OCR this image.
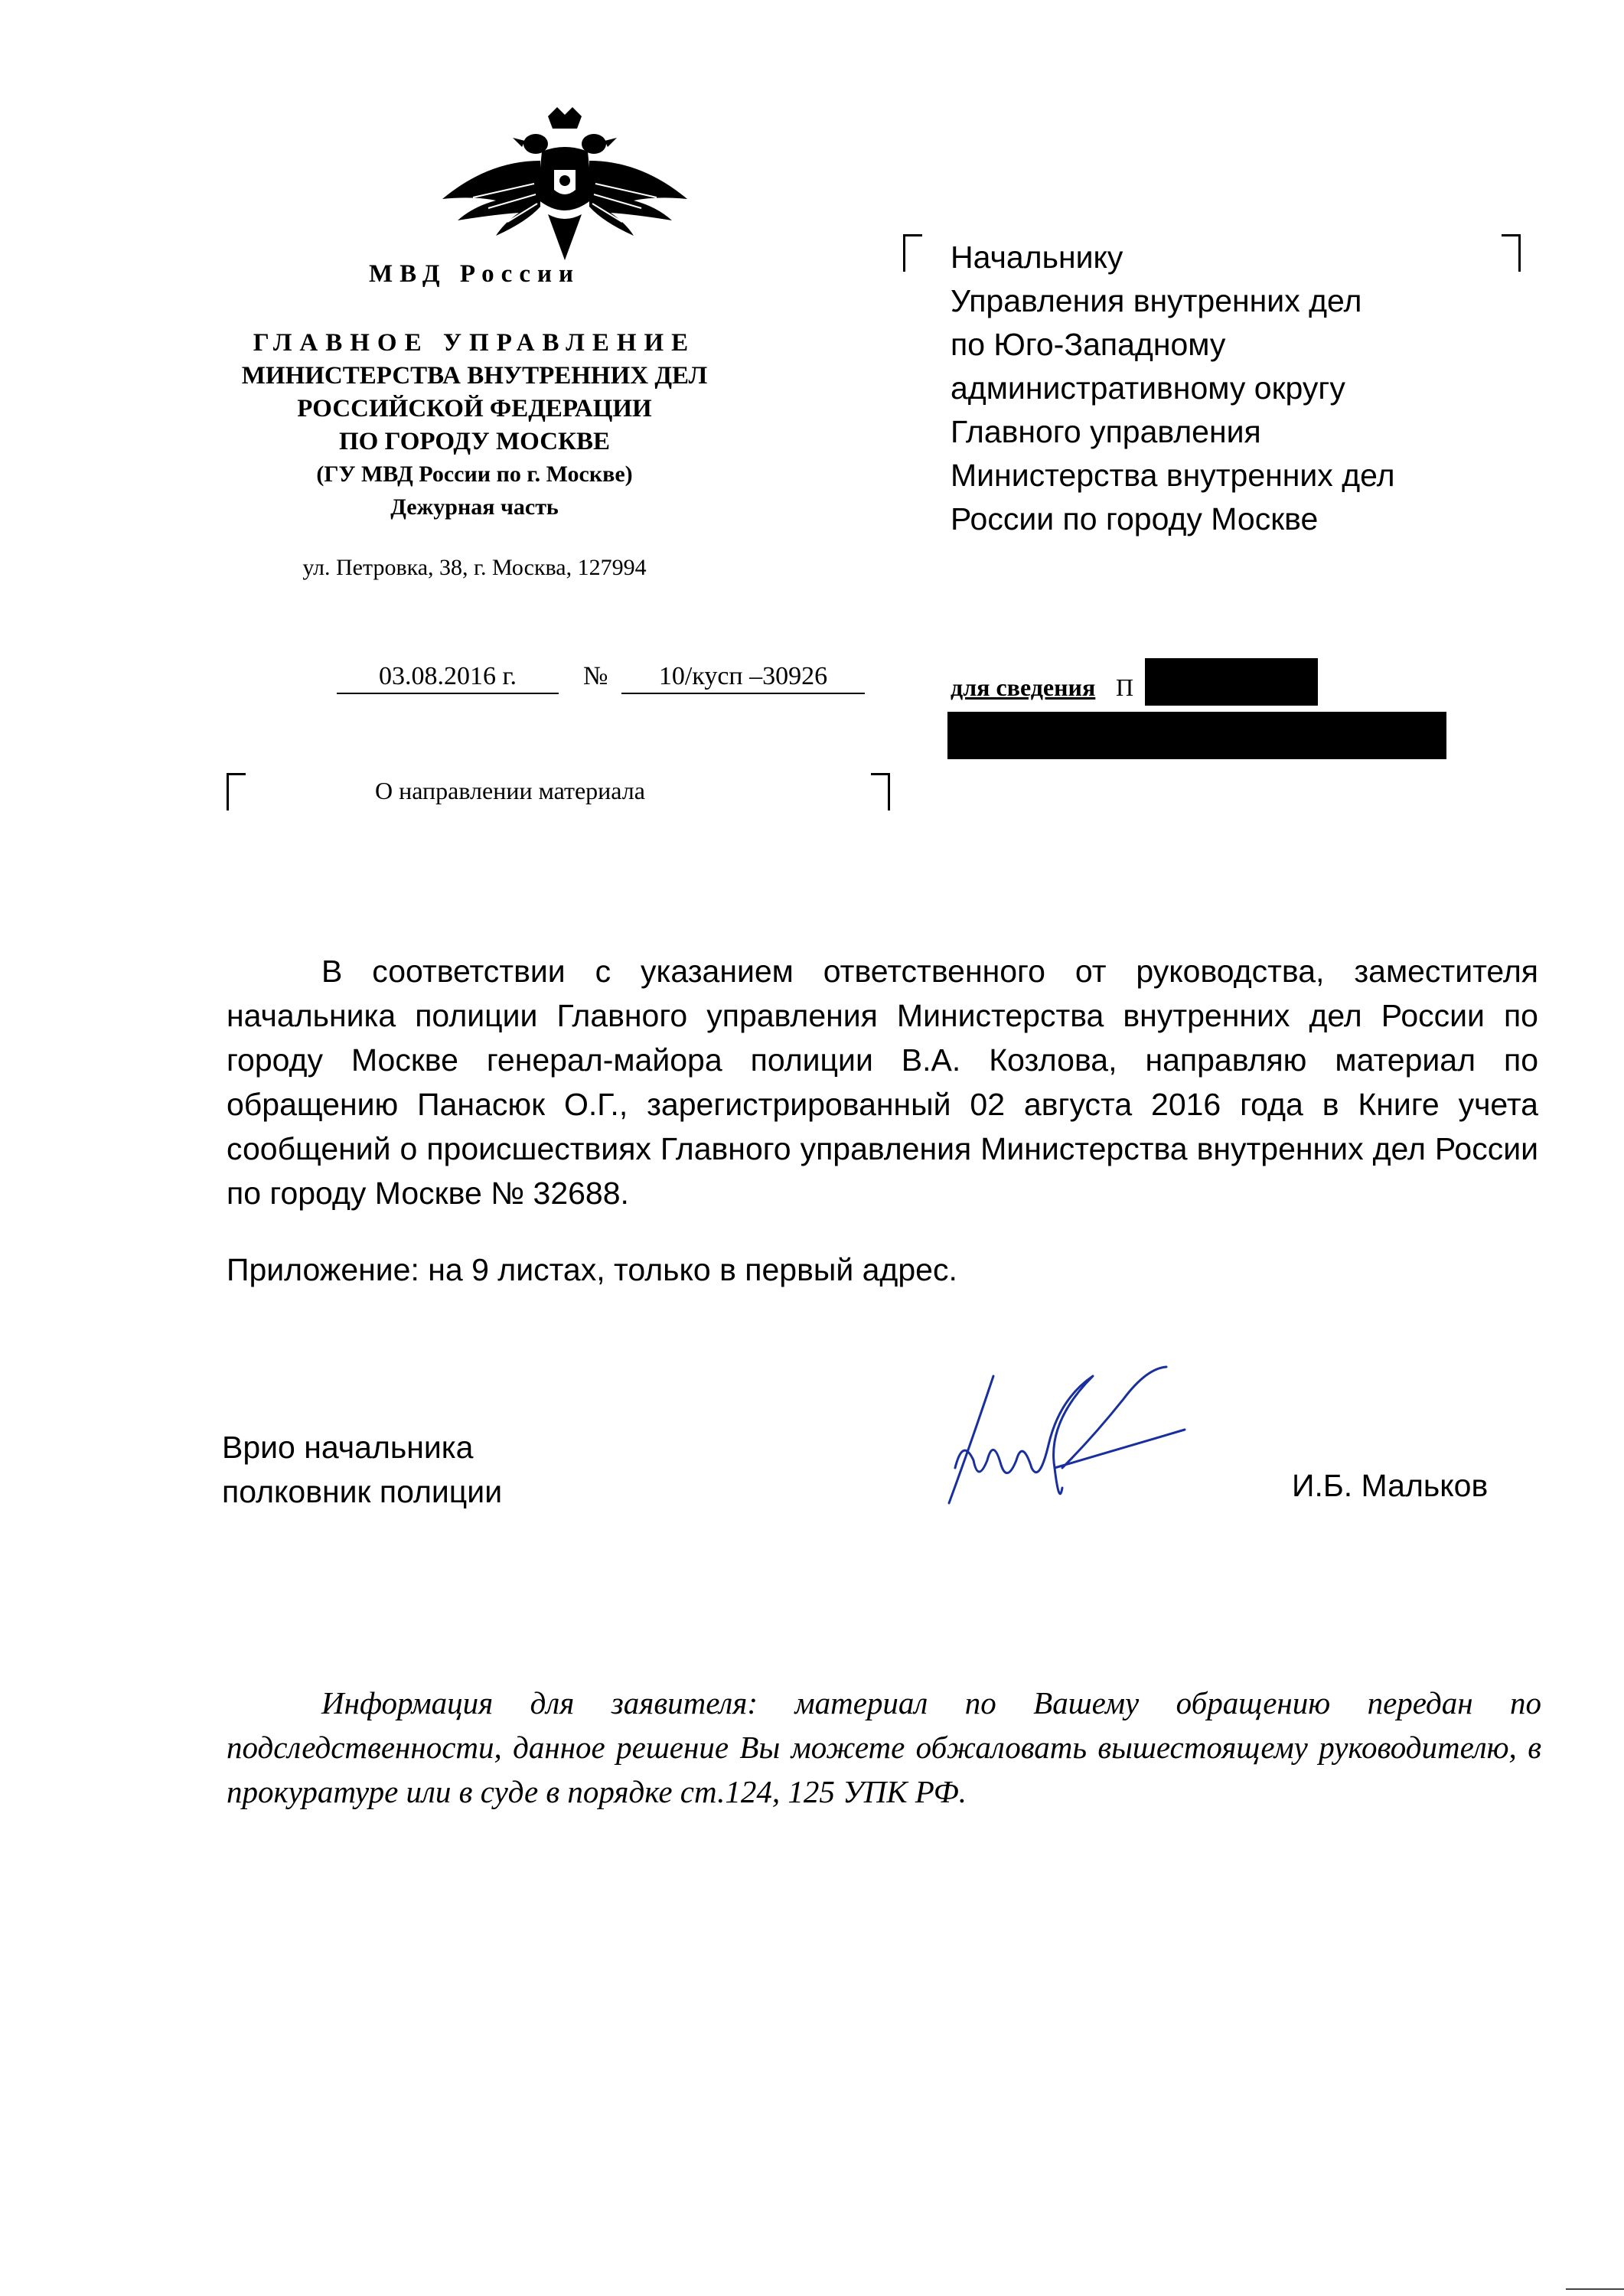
МВД России
ГЛАВНОЕ УПРАВЛЕНИЕ
МИНИСТЕРСТВА ВНУТРЕННИХ ДЕЛ
РОССИЙСКОЙ ФЕДЕРАЦИИ
ПО ГОРОДУ МОСКВЕ
(ГУ МВД России по г. Москве)
Дежурная часть
ул. Петровка, 38, г. Москва, 127994
03.08.2016 г.	№	10/кусп –30926
О направлении материала
Начальнику
Управления внутренних дел
по Юго-Западному
административному округу
Главного управления
Министерства внутренних дел
России по городу Москве
для сведения П
В соответствии с указанием ответственного от руководства, заместителя начальника полиции Главного управления Министерства внутренних дел России по городу Москве генерал-майора полиции В.А. Козлова, направляю материал по обращению Панасюк О.Г., зарегистрированный 02 августа 2016 года в Книге учета сообщений о происшествиях Главного управления Министерства внутренних дел России по городу Москве № 32688.
Приложение: на 9 листах, только в первый адрес.
Врио начальника
полковник полиции	И.Б. Мальков
Информация для заявителя: материал по Вашему обращению передан по подследственности, данное решение Вы можете обжаловать вышестоящему руководителю, в прокуратуре или в суде в порядке ст.124, 125 УПК РФ.
